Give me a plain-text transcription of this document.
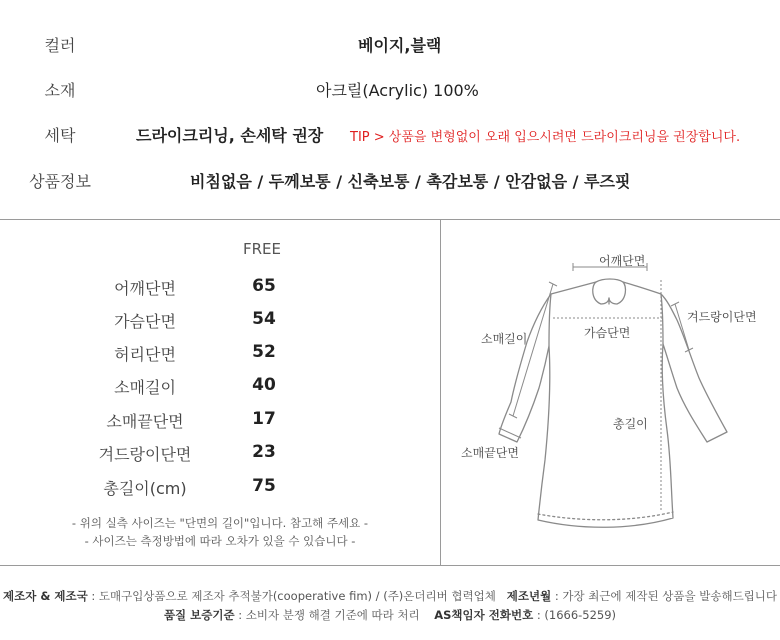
컬러	베이지,블랙
소재	아크릴(Acrylic) 100%
세탁	드라이크리닝, 손세탁 권장 TIP > 상품을 변형없이 오래 입으시려면 드라이크리닝을 권장합니다.
상품정보	비침없음 / 두께보통 / 신축보통 / 촉감보통 / 안감없음 / 루즈핏
FREE
어깨단면	65
가슴단면	54
허리단면	52
소매길이	40
소매끝단면	17
겨드랑이단면	23
총길이(cm)	75
- 위의 실측 사이즈는 "단면의 길이"입니다. 참고해 주세요 -
- 사이즈는 측정방법에 따라 오차가 있을 수 있습니다 -
어깨단면
가슴단면
겨드랑이단면
소매길이
총길이
소매끝단면
제조자 & 제조국 : 도매구입상품으로 제조자 추적불가(cooperative fim) / (주)온더리버 협력업체 제조년월 : 가장 최근에 제작된 상품을 발송해드립니다
품질 보증기준 : 소비자 분쟁 해결 기준에 따라 처리 AS책임자 전화번호 : (1666-5259)
